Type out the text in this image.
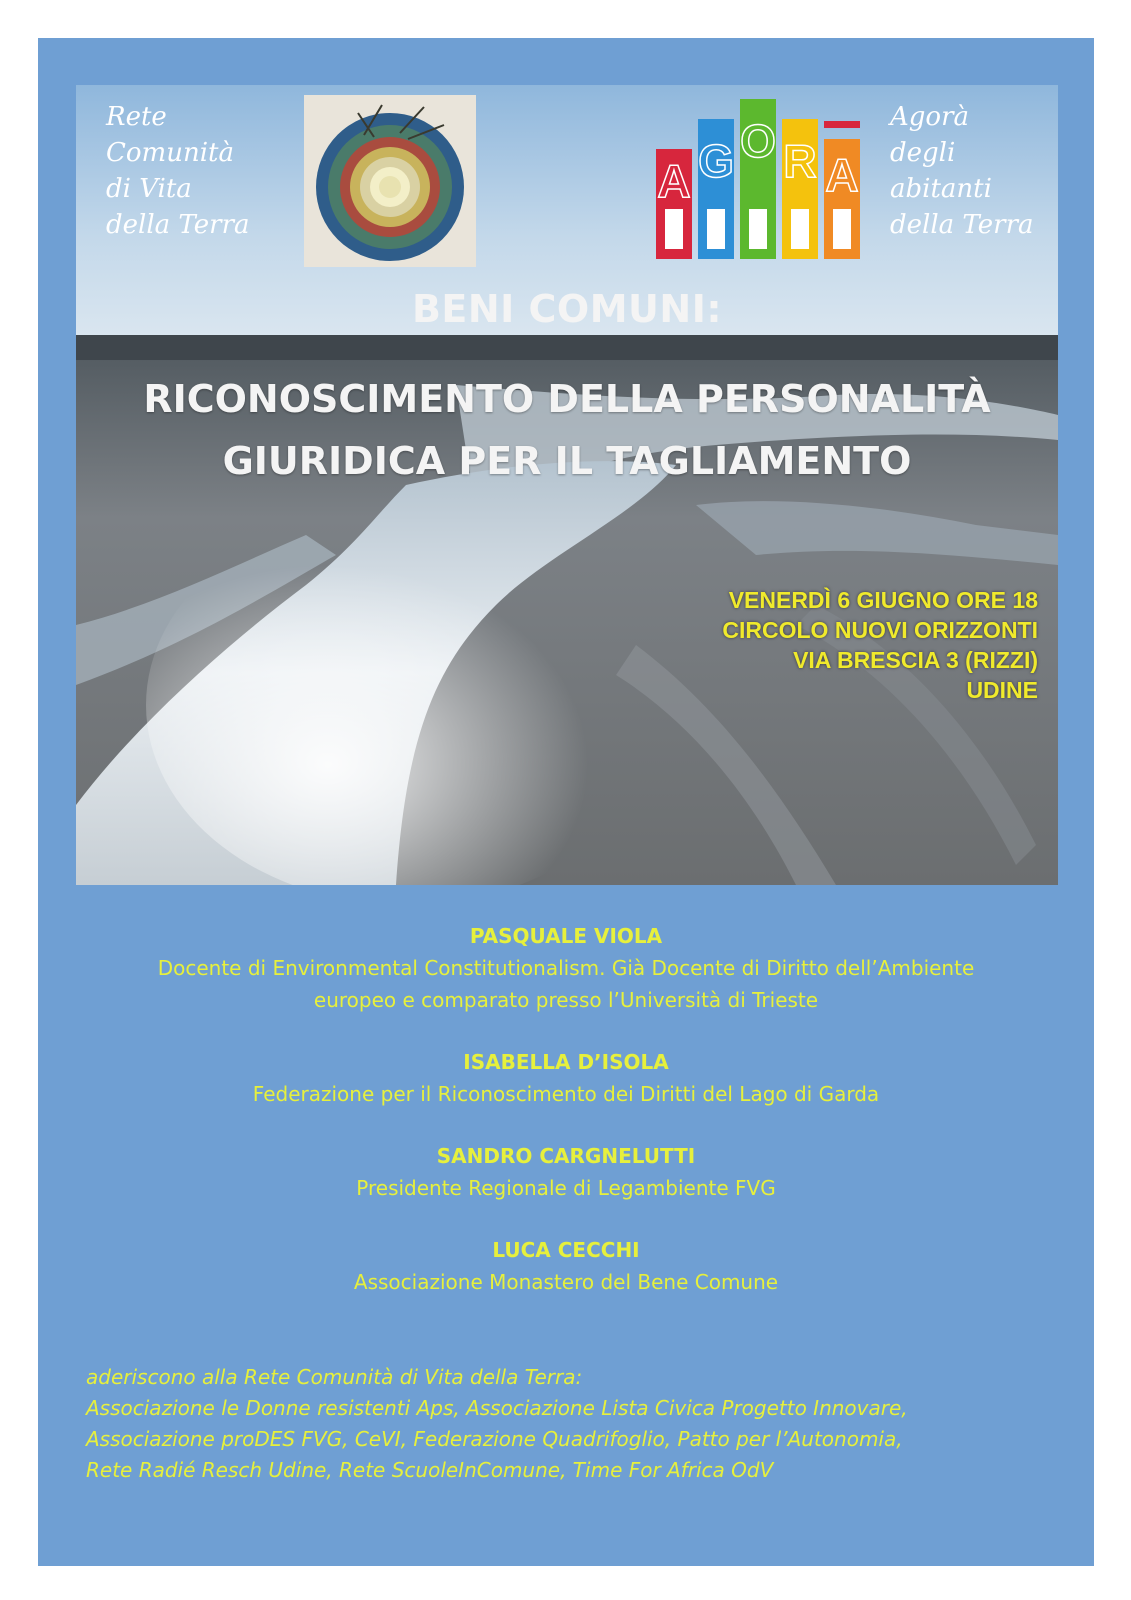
Rete
Comunità
di Vita
della Terra
A G O R A
Agorà
degli
abitanti
della Terra
BENI COMUNI:
RICONOSCIMENTO DELLA PERSONALITÀ
GIURIDICA PER IL TAGLIAMENTO
VENERDÌ 6 GIUGNO ORE 18
CIRCOLO NUOVI ORIZZONTI
VIA BRESCIA 3 (RIZZI)
UDINE
PASQUALE VIOLA
Docente di Environmental Constitutionalism. Già Docente di Diritto dell’Ambiente
europeo e comparato presso l’Università di Trieste
ISABELLA D’ISOLA
Federazione per il Riconoscimento dei Diritti del Lago di Garda
SANDRO CARGNELUTTI
Presidente Regionale di Legambiente FVG
LUCA CECCHI
Associazione Monastero del Bene Comune
aderiscono alla Rete Comunità di Vita della Terra:
Associazione le Donne resistenti Aps, Associazione Lista Civica Progetto Innovare,
Associazione proDES FVG, CeVI, Federazione Quadrifoglio, Patto per l’Autonomia,
Rete Radié Resch Udine, Rete ScuoleInComune, Time For Africa OdV
